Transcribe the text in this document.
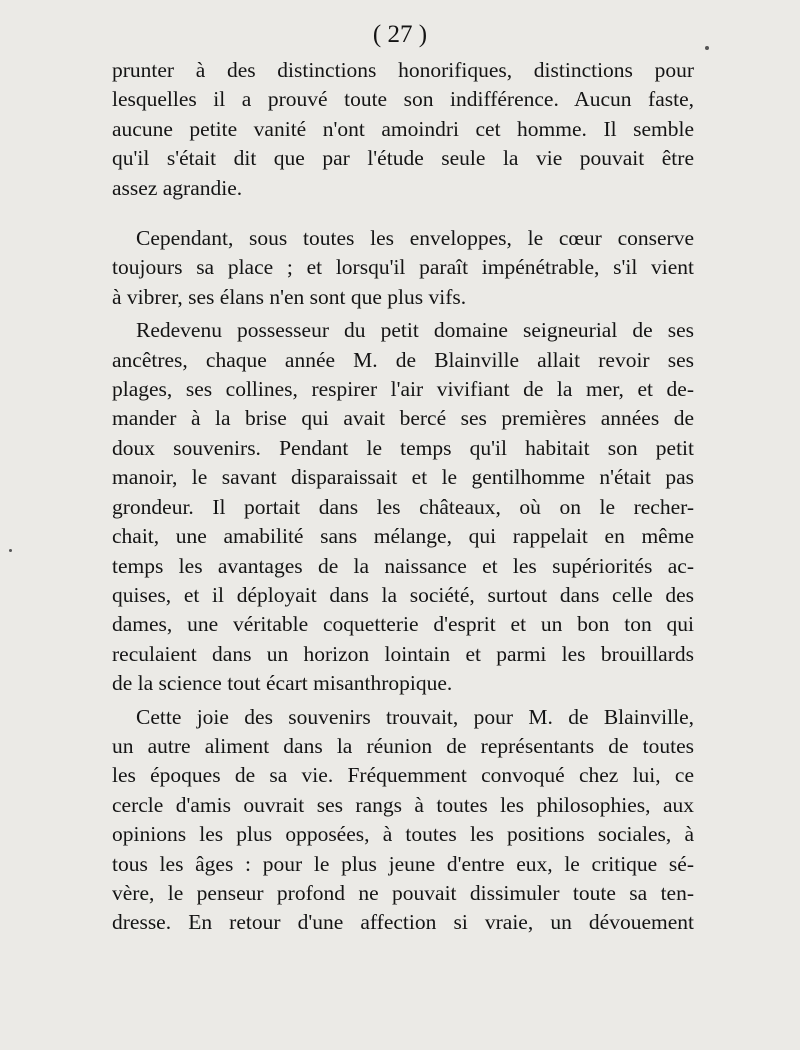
( 27 )

prunter à des distinctions honorifiques, distinctions pour
lesquelles il a prouvé toute son indifférence. Aucun faste,
aucune petite vanité n'ont amoindri cet homme. Il semble
qu'il s'était dit que par l'étude seule la vie pouvait être
assez agrandie.

Cependant, sous toutes les enveloppes, le cœur conserve
toujours sa place ; et lorsqu'il paraît impénétrable, s'il vient
à vibrer, ses élans n'en sont que plus vifs.

Redevenu possesseur du petit domaine seigneurial de ses
ancêtres, chaque année M. de Blainville allait revoir ses
plages, ses collines, respirer l'air vivifiant de la mer, et de-
mander à la brise qui avait bercé ses premières années de
doux souvenirs. Pendant le temps qu'il habitait son petit
manoir, le savant disparaissait et le gentilhomme n'était pas
grondeur. Il portait dans les châteaux, où on le recher-
chait, une amabilité sans mélange, qui rappelait en même
temps les avantages de la naissance et les supériorités ac-
quises, et il déployait dans la société, surtout dans celle des
dames, une véritable coquetterie d'esprit et un bon ton qui
reculaient dans un horizon lointain et parmi les brouillards
de la science tout écart misanthropique.

Cette joie des souvenirs trouvait, pour M. de Blainville,
un autre aliment dans la réunion de représentants de toutes
les époques de sa vie. Fréquemment convoqué chez lui, ce
cercle d'amis ouvrait ses rangs à toutes les philosophies, aux
opinions les plus opposées, à toutes les positions sociales, à
tous les âges : pour le plus jeune d'entre eux, le critique sé-
vère, le penseur profond ne pouvait dissimuler toute sa ten-
dresse. En retour d'une affection si vraie, un dévouement
